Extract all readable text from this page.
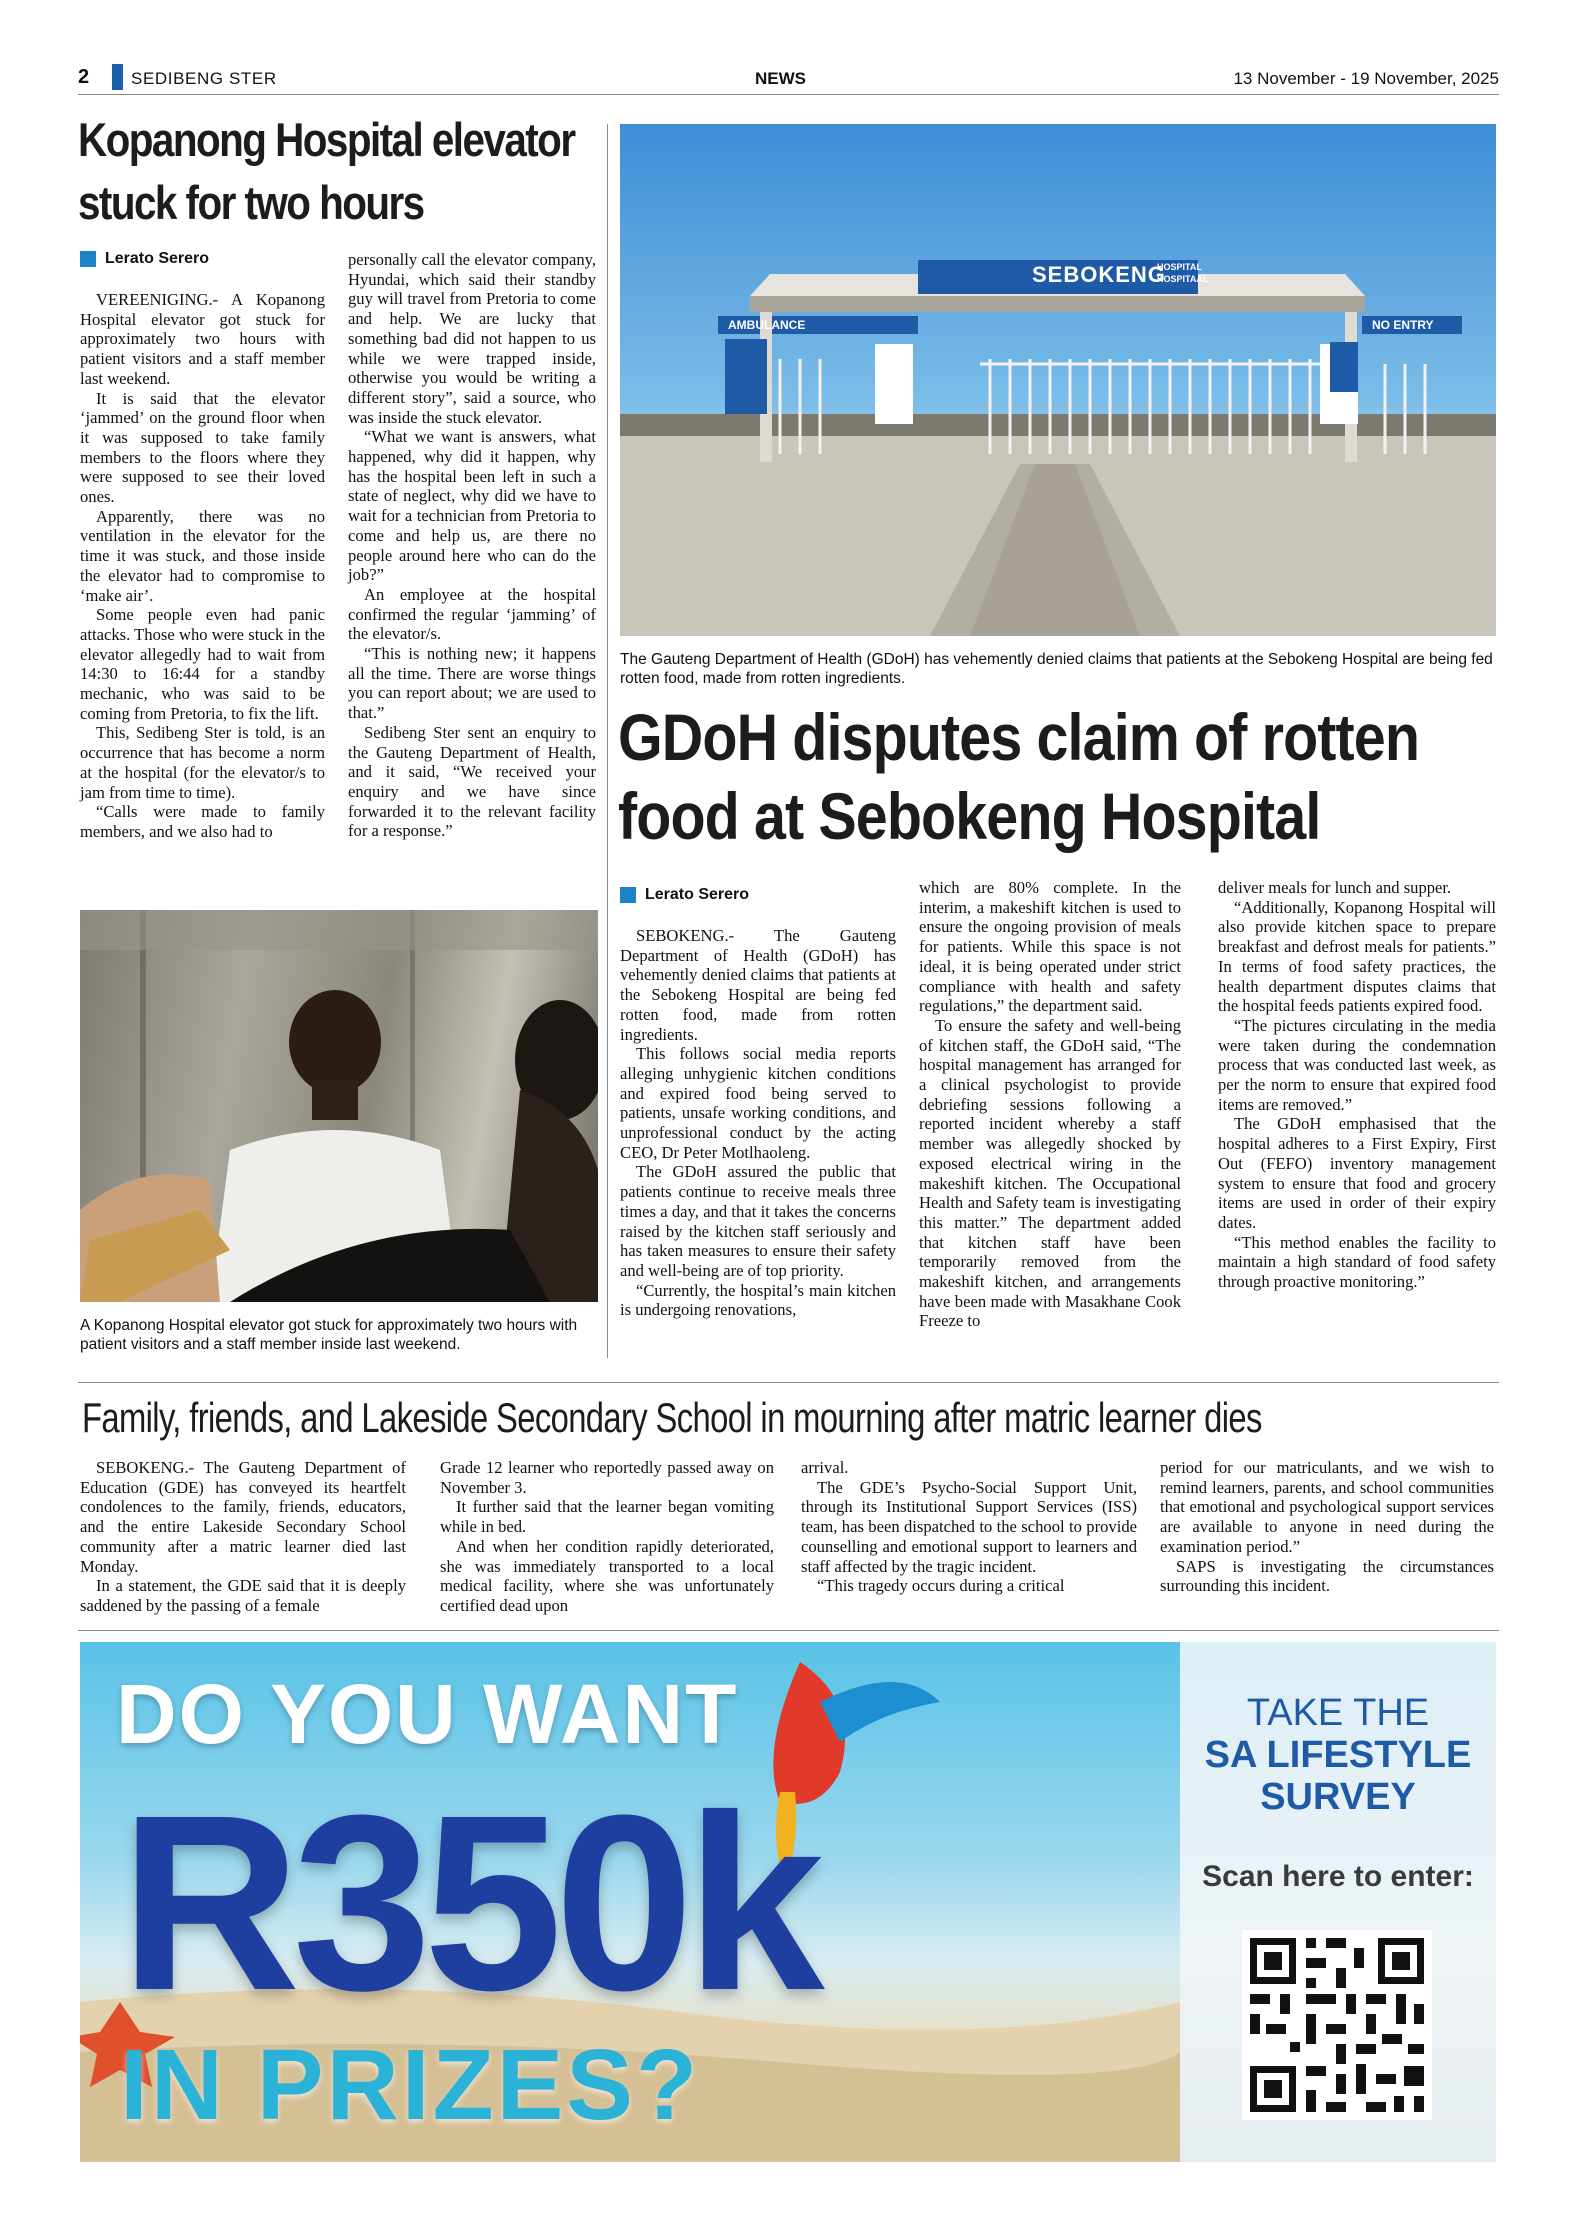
2 SEDIBENG STER	NEWS	13 November - 19 November, 2025
Kopanong Hospital elevator stuck for two hours
Lerato Serero

VEREENIGING.- A Kopanong Hospital elevator got stuck for approximately two hours with patient visitors and a staff member last weekend.

It is said that the elevator ‘jammed’ on the ground floor when it was supposed to take family members to the floors where they were supposed to see their loved ones.

Apparently, there was no ventilation in the elevator for the time it was stuck, and those inside the elevator had to compromise to ‘make air’.

Some people even had panic attacks. Those who were stuck in the elevator allegedly had to wait from 14:30 to 16:44 for a standby mechanic, who was said to be coming from Pretoria, to fix the lift.

This, Sedibeng Ster is told, is an occurrence that has become a norm at the hospital (for the elevator/s to jam from time to time).

“Calls were made to family members, and we also had to

personally call the elevator company, Hyundai, which said their standby guy will travel from Pretoria to come and help. We are lucky that something bad did not happen to us while we were trapped inside, otherwise you would be writing a different story”, said a source, who was inside the stuck elevator.

“What we want is answers, what happened, why did it happen, why has the hospital been left in such a state of neglect, why did we have to wait for a technician from Pretoria to come and help us, are there no people around here who can do the job?”

An employee at the hospital confirmed the regular ‘jamming’ of the elevator/s.

“This is nothing new; it happens all the time. There are worse things you can report about; we are used to that.”

Sedibeng Ster sent an enquiry to the Gauteng Department of Health, and it said, “We received your enquiry and we have since forwarded it to the relevant facility for a response.”

A Kopanong Hospital elevator got stuck for approximately two hours with patient visitors and a staff member inside last weekend.
SEBOKENG
HOSPITAL
HOSPITAAL
AMBULANCE	NO ENTRY
The Gauteng Department of Health (GDoH) has vehemently denied claims that patients at the Sebokeng Hospital are being fed rotten food, made from rotten ingredients.
GDoH disputes claim of rotten food at Sebokeng Hospital
Lerato Serero

SEBOKENG.- The Gauteng Department of Health (GDoH) has vehemently denied claims that patients at the Sebokeng Hospital are being fed rotten food, made from rotten ingredients.

This follows social media reports alleging unhygienic kitchen conditions and expired food being served to patients, unsafe working conditions, and unprofessional conduct by the acting CEO, Dr Peter Motlhaoleng.

The GDoH assured the public that patients continue to receive meals three times a day, and that it takes the concerns raised by the kitchen staff seriously and has taken measures to ensure their safety and well-being are of top priority.

“Currently, the hospital’s main kitchen is undergoing renovations,

which are 80% complete. In the interim, a makeshift kitchen is used to ensure the ongoing provision of meals for patients. While this space is not ideal, it is being operated under strict compliance with health and safety regulations,” the department said.

To ensure the safety and well-being of kitchen staff, the GDoH said, “The hospital management has arranged for a clinical psychologist to provide debriefing sessions following a reported incident whereby a staff member was allegedly shocked by exposed electrical wiring in the makeshift kitchen. The Occupational Health and Safety team is investigating this matter.” The department added that kitchen staff have been temporarily removed from the makeshift kitchen, and arrangements have been made with Masakhane Cook Freeze to

deliver meals for lunch and supper.

“Additionally, Kopanong Hospital will also provide kitchen space to prepare breakfast and defrost meals for patients.” In terms of food safety practices, the health department disputes claims that the hospital feeds patients expired food.

“The pictures circulating in the media were taken during the condemnation process that was conducted last week, as per the norm to ensure that expired food items are removed.”

The GDoH emphasised that the hospital adheres to a First Expiry, First Out (FEFO) inventory management system to ensure that food and grocery items are used in order of their expiry dates.

“This method enables the facility to maintain a high standard of food safety through proactive monitoring.”

Family, friends, and Lakeside Secondary School in mourning after matric learner dies

SEBOKENG.- The Gauteng Department of Education (GDE) has conveyed its heartfelt condolences to the family, friends, educators, and the entire Lakeside Secondary School community after a matric learner died last Monday.

In a statement, the GDE said that it is deeply saddened by the passing of a female

Grade 12 learner who reportedly passed away on November 3.

It further said that the learner began vomiting while in bed.

And when her condition rapidly deteriorated, she was immediately transported to a local medical facility, where she was unfortunately certified dead upon

arrival.

The GDE’s Psycho-Social Support Unit, through its Institutional Support Services (ISS) team, has been dispatched to the school to provide counselling and emotional support to learners and staff affected by the tragic incident.

“This tragedy occurs during a critical

period for our matriculants, and we wish to remind learners, parents, and school communities that emotional and psychological support services are available to anyone in need during the examination period.”

SAPS is investigating the circumstances surrounding this incident.

DO YOU WANT
R350k
IN PRIZES?
TAKE THE
SA LIFESTYLE
SURVEY
Scan here to enter:
